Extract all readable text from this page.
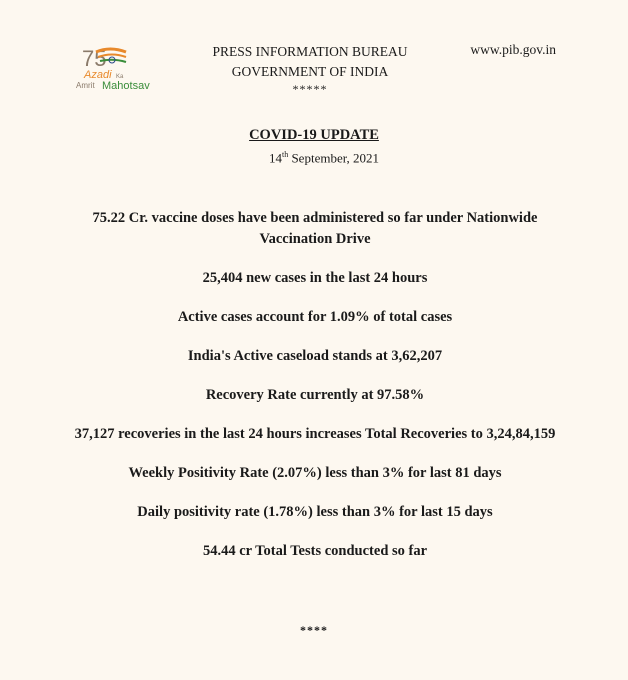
75
Azadi Ka
Amrit Mahotsav
PRESS INFORMATION BUREAU
GOVERNMENT OF INDIA
*****
www.pib.gov.in
COVID-19 UPDATE
14th September, 2021
75.22 Cr. vaccine doses have been administered so far under Nationwide Vaccination Drive
25,404 new cases in the last 24 hours
Active cases account for 1.09% of total cases
India's Active caseload stands at 3,62,207
Recovery Rate currently at 97.58%
37,127 recoveries in the last 24 hours increases Total Recoveries to 3,24,84,159
Weekly Positivity Rate (2.07%) less than 3% for last 81 days
Daily positivity rate (1.78%) less than 3% for last 15 days
54.44 cr Total Tests conducted so far
****
